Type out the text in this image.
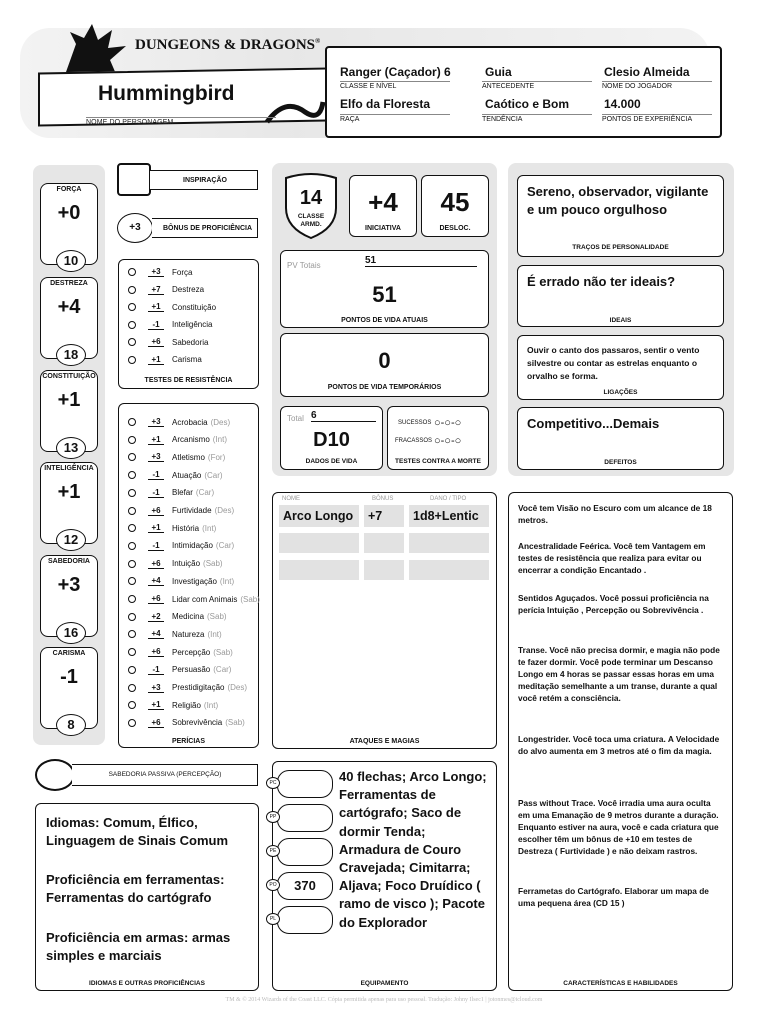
DUNGEONS & DRAGONS®
Hummingbird
NOME DO PERSONAGEM
Ranger (Caçador) 6
CLASSE E NÍVEL
Guia
ANTECEDENTE
Clesio Almeida
NOME DO JOGADOR
Elfo da Floresta
RAÇA
Caótico e Bom
TENDÊNCIA
14.000
PONTOS DE EXPERIÊNCIA
FORÇA
+0
10
DESTREZA
+4
18
CONSTITUIÇÃO
+1
13
INTELIGÊNCIA
+1
12
SABEDORIA
+3
16
CARISMA
-1
8
INSPIRAÇÃO
+3	BÔNUS DE PROFICIÊNCIA
+3	Força
+7	Destreza
+1	Constituição
-1	Inteligência
+6	Sabedoria
+1	Carisma
TESTES DE RESISTÊNCIA
+3	Acrobacia (Des)
+1	Arcanismo (Int)
+3	Atletismo (For)
-1	Atuação (Car)
-1	Blefar (Car)
+6	Furtividade (Des)
+1	História (Int)
-1	Intimidação (Car)
+6	Intuição (Sab)
+4	Investigação (Int)
+6	Lidar com Animais (Sab)
+2	Medicina (Sab)
+4	Natureza (Int)
+6	Percepção (Sab)
-1	Persuasão (Car)
+3	Prestidigitação (Des)
+1	Religião (Int)
+6	Sobrevivência (Sab)
PERÍCIAS
14
CLASSE ARMD.
+4
INICIATIVA
45
DESLOC.
PV Totais	51
51
PONTOS DE VIDA ATUAIS
0
PONTOS DE VIDA TEMPORÁRIOS
Total 6
D10
DADOS DE VIDA
SUCESSOS ○-○-○
FRACASSOS ○-○-○
TESTES CONTRA A MORTE
Sereno, observador, vigilante e um pouco orgulhoso
TRAÇOS DE PERSONALIDADE
É errado não ter ideais?
IDEAIS
Ouvir o canto dos passaros, sentir o vento silvestre ou contar as estrelas enquanto o orvalho se forma.
LIGAÇÕES
Competitivo...Demais
DEFEITOS
NOME	BÔNUS	DANO / TIPO
Arco Longo	+7	1d8+Lentic
ATAQUES E MAGIAS
SABEDORIA PASSIVA (PERCEPÇÃO)
Idiomas: Comum, Élfico, Linguagem de Sinais Comum
Proficiência em ferramentas: Ferramentas do cartógrafo
Proficiência em armas: armas simples e marciais
IDIOMAS E OUTRAS PROFICIÊNCIAS
PC
PP
PE
PO
PL
370
40 flechas; Arco Longo; Ferramentas de cartógrafo; Saco de dormir Tenda; Armadura de Couro Cravejada; Cimitarra; Aljava; Foco Druídico ( ramo de visco ); Pacote do Explorador
EQUIPAMENTO
Você tem Visão no Escuro com um alcance de 18 metros.
Ancestralidade Feérica. Você tem Vantagem em testes de resistência que realiza para evitar ou encerrar a condição Encantado .
Sentidos Aguçados. Você possui proficiência na perícia Intuição , Percepção ou Sobrevivência .
Transe. Você não precisa dormir, e magia não pode te fazer dormir. Você pode terminar um Descanso Longo em 4 horas se passar essas horas em uma meditação semelhante a um transe, durante a qual você retém a consciência.
Longestrider. Você toca uma criatura. A Velocidade do alvo aumenta em 3 metros até o fim da magia.
Pass without Trace. Você irradia uma aura oculta em uma Emanação de 9 metros durante a duração. Enquanto estiver na aura, você e cada criatura que escolher têm um bônus de +10 em testes de Destreza ( Furtividade ) e não deixam rastros.
Ferrametas do Cartógrafo. Elaborar um mapa de uma pequena área (CD 15 )
CARACTERÍSTICAS E HABILIDADES
TM & © 2014 Wizards of the Coast LLC. Cópia permitida apenas para uso pessoal. Tradução: Johny Ilsec1 | jotonmes@icloud.com
